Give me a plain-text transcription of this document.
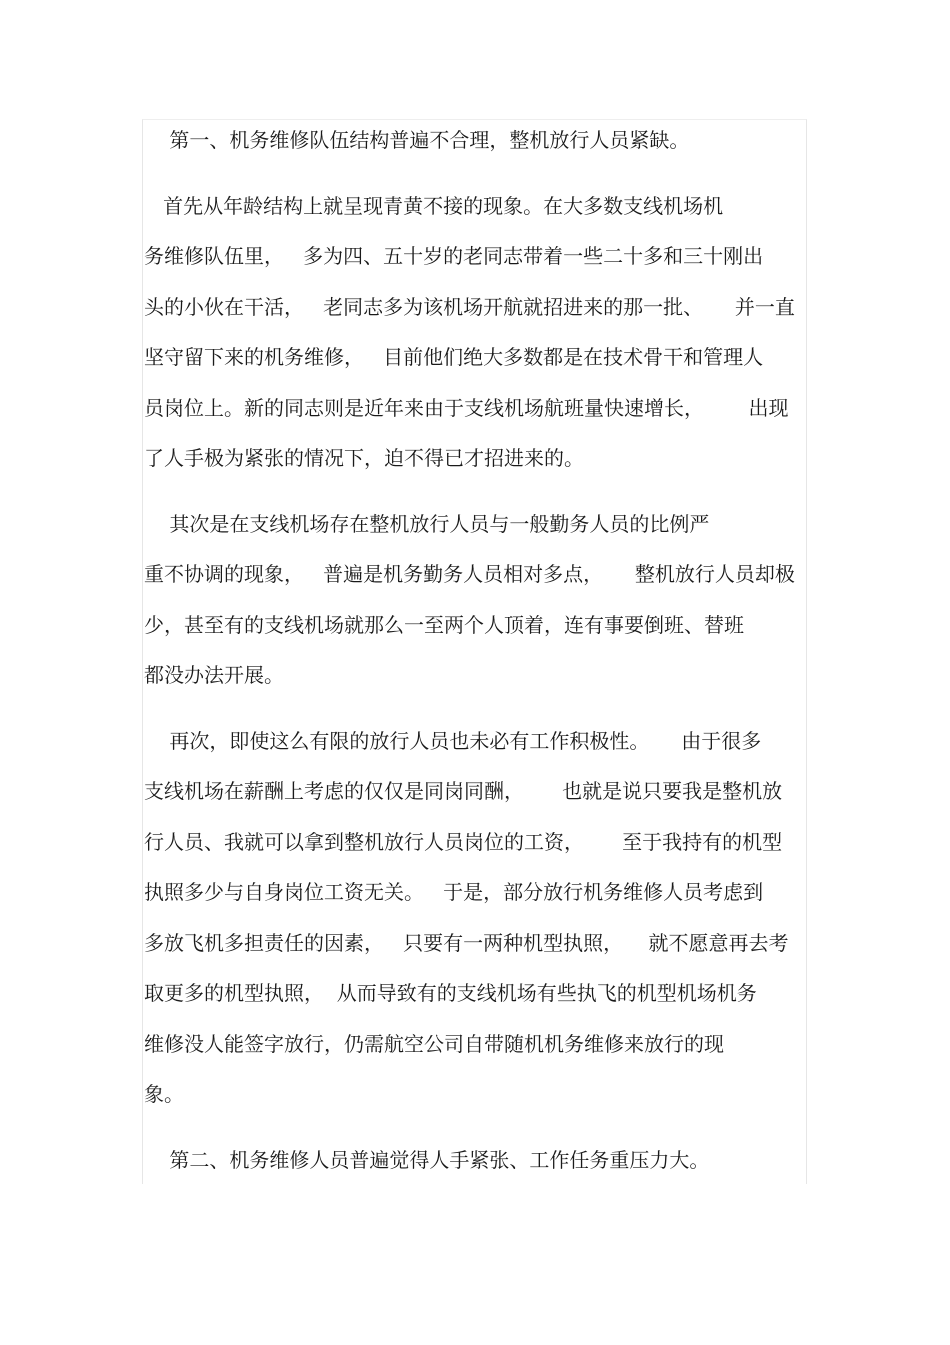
第一、机务维修队伍结构普遍不合理，整机放行人员紧缺。
首先从年龄结构上就呈现青黄不接的现象。在大多数支线机场机
务维修队伍里，   多为四、五十岁的老同志带着一些二十多和三十刚出
头的小伙在干活，   老同志多为该机场开航就招进来的那一批、     并一直
坚守留下来的机务维修，   目前他们绝大多数都是在技术骨干和管理人
员岗位上。新的同志则是近年来由于支线机场航班量快速增长，       出现
了人手极为紧张的情况下，迫不得已才招进来的。
其次是在支线机场存在整机放行人员与一般勤务人员的比例严
重不协调的现象，   普遍是机务勤务人员相对多点，     整机放行人员却极
少，甚至有的支线机场就那么一至两个人顶着，连有事要倒班、替班
都没办法开展。
再次，即使这么有限的放行人员也未必有工作积极性。     由于很多
支线机场在薪酬上考虑的仅仅是同岗同酬，      也就是说只要我是整机放
行人员、我就可以拿到整机放行人员岗位的工资，      至于我持有的机型
执照多少与自身岗位工资无关。   于是，部分放行机务维修人员考虑到
多放飞机多担责任的因素，   只要有一两种机型执照，    就不愿意再去考
取更多的机型执照，  从而导致有的支线机场有些执飞的机型机场机务
维修没人能签字放行，仍需航空公司自带随机机务维修来放行的现
象。
第二、机务维修人员普遍觉得人手紧张、工作任务重压力大。
